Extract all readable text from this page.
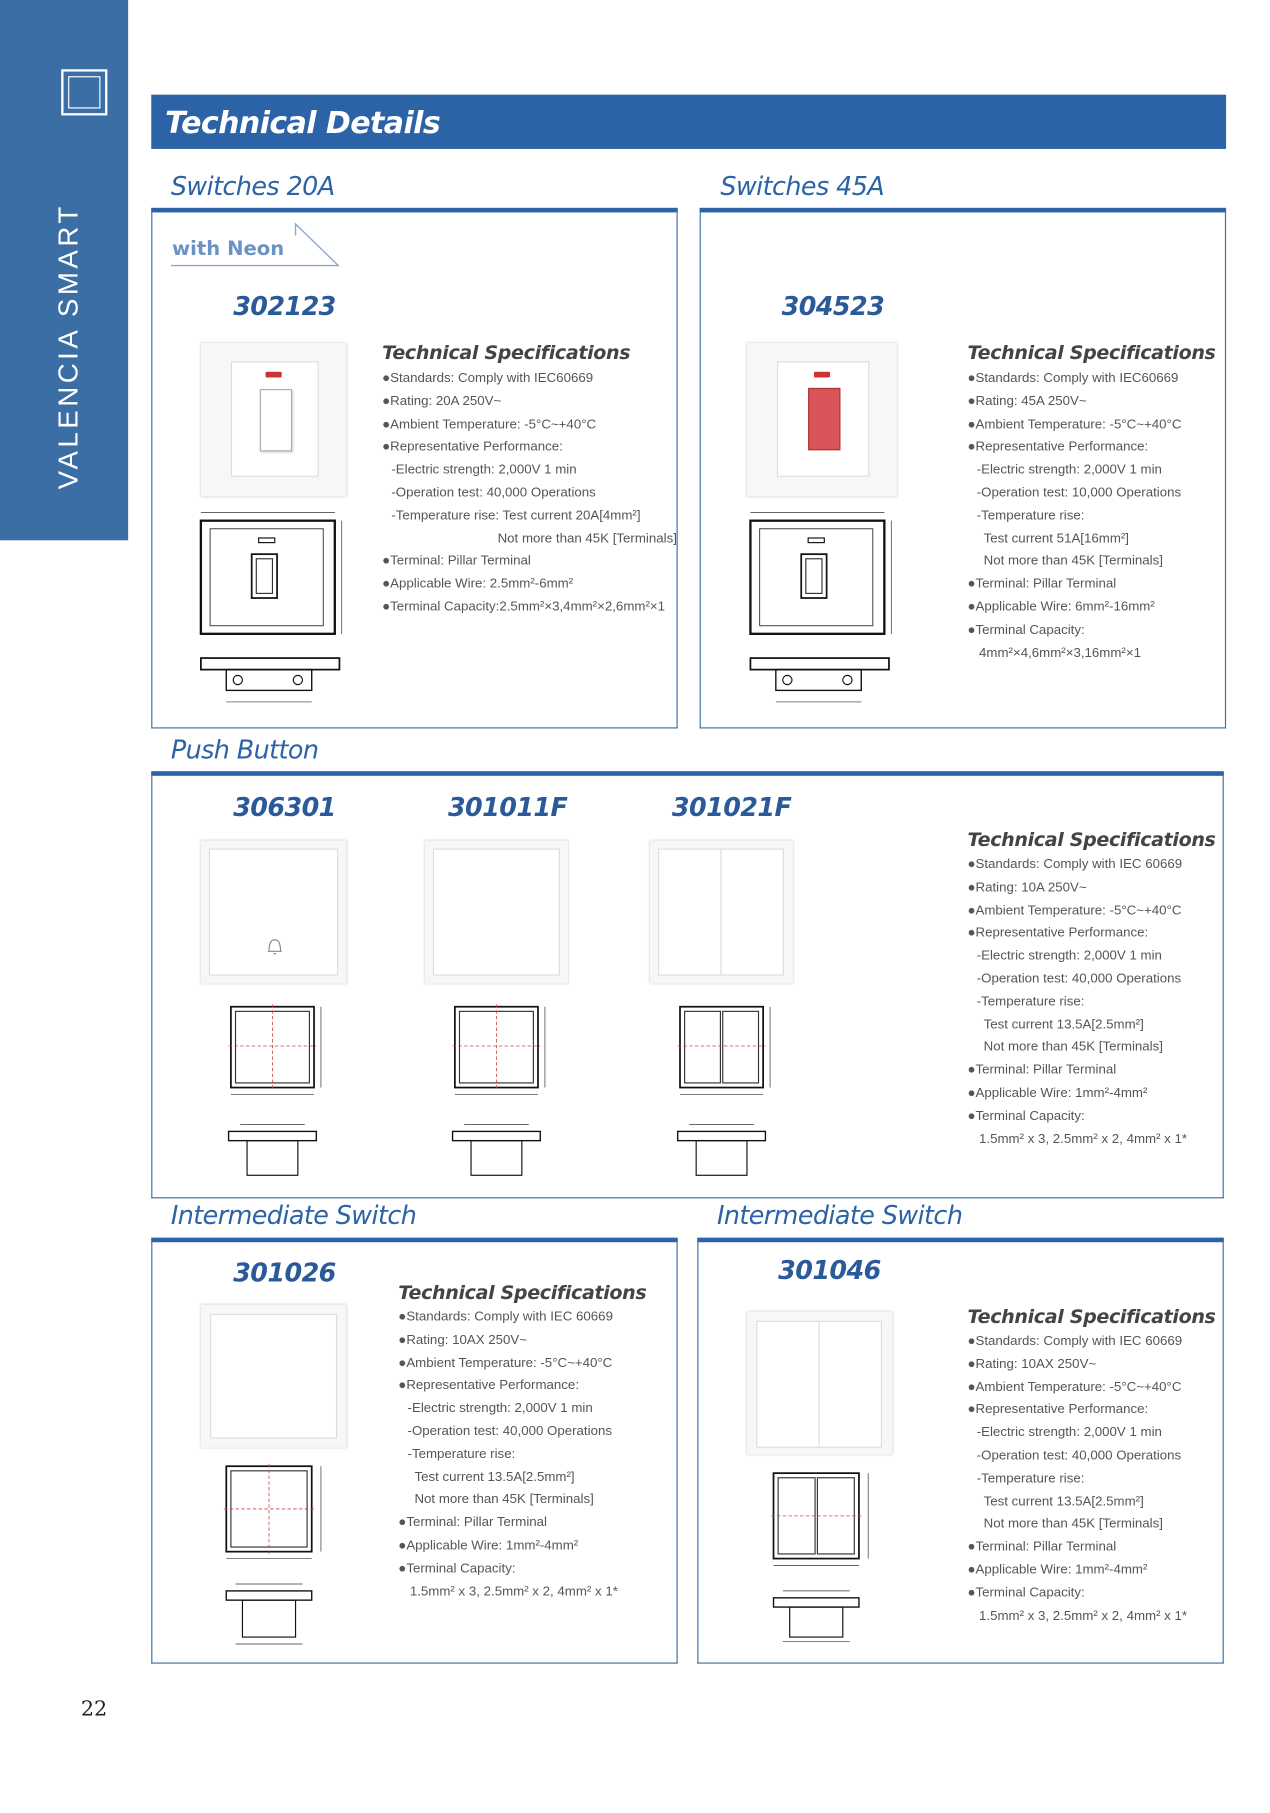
VALENCIA SMART
Technical Details
Switches 20A
with Neon
302123
Technical Specifications
●Standards: Comply with IEC60669
●Rating: 20A 250V~
●Ambient Temperature: -5°C~+40°C
●Representative Performance:
-Electric strength: 2,000V 1 min
-Operation test: 40,000 Operations
-Temperature rise: Test current 20A[4mm²]
Not more than 45K [Terminals]
●Terminal: Pillar Terminal
●Applicable Wire: 2.5mm²-6mm²
●Terminal Capacity:2.5mm²×3,4mm²×2,6mm²×1
Switches 45A
304523
Technical Specifications
●Standards: Comply with IEC60669
●Rating: 45A 250V~
●Ambient Temperature: -5°C~+40°C
●Representative Performance:
-Electric strength: 2,000V 1 min
-Operation test: 10,000 Operations
-Temperature rise:
Test current 51A[16mm²]
Not more than 45K [Terminals]
●Terminal: Pillar Terminal
●Applicable Wire: 6mm²-16mm²
●Terminal Capacity:
4mm²×4,6mm²×3,16mm²×1
Push Button
306301	301011F	301021F
Technical Specifications
●Standards: Comply with IEC 60669
●Rating: 10A 250V~
●Ambient Temperature: -5°C~+40°C
●Representative Performance:
-Electric strength: 2,000V 1 min
-Operation test: 40,000 Operations
-Temperature rise:
Test current 13.5A[2.5mm²]
Not more than 45K [Terminals]
●Terminal: Pillar Terminal
●Applicable Wire: 1mm²-4mm²
●Terminal Capacity:
1.5mm² x 3, 2.5mm² x 2, 4mm² x 1*
Intermediate Switch
301026
Technical Specifications
●Standards: Comply with IEC 60669
●Rating: 10AX 250V~
●Ambient Temperature: -5°C~+40°C
●Representative Performance:
-Electric strength: 2,000V 1 min
-Operation test: 40,000 Operations
-Temperature rise:
Test current 13.5A[2.5mm²]
Not more than 45K [Terminals]
●Terminal: Pillar Terminal
●Applicable Wire: 1mm²-4mm²
●Terminal Capacity:
1.5mm² x 3, 2.5mm² x 2, 4mm² x 1*
Intermediate Switch
301046
Technical Specifications
●Standards: Comply with IEC 60669
●Rating: 10AX 250V~
●Ambient Temperature: -5°C~+40°C
●Representative Performance:
-Electric strength: 2,000V 1 min
-Operation test: 40,000 Operations
-Temperature rise:
Test current 13.5A[2.5mm²]
Not more than 45K [Terminals]
●Terminal: Pillar Terminal
●Applicable Wire: 1mm²-4mm²
●Terminal Capacity:
1.5mm² x 3, 2.5mm² x 2, 4mm² x 1*
22
